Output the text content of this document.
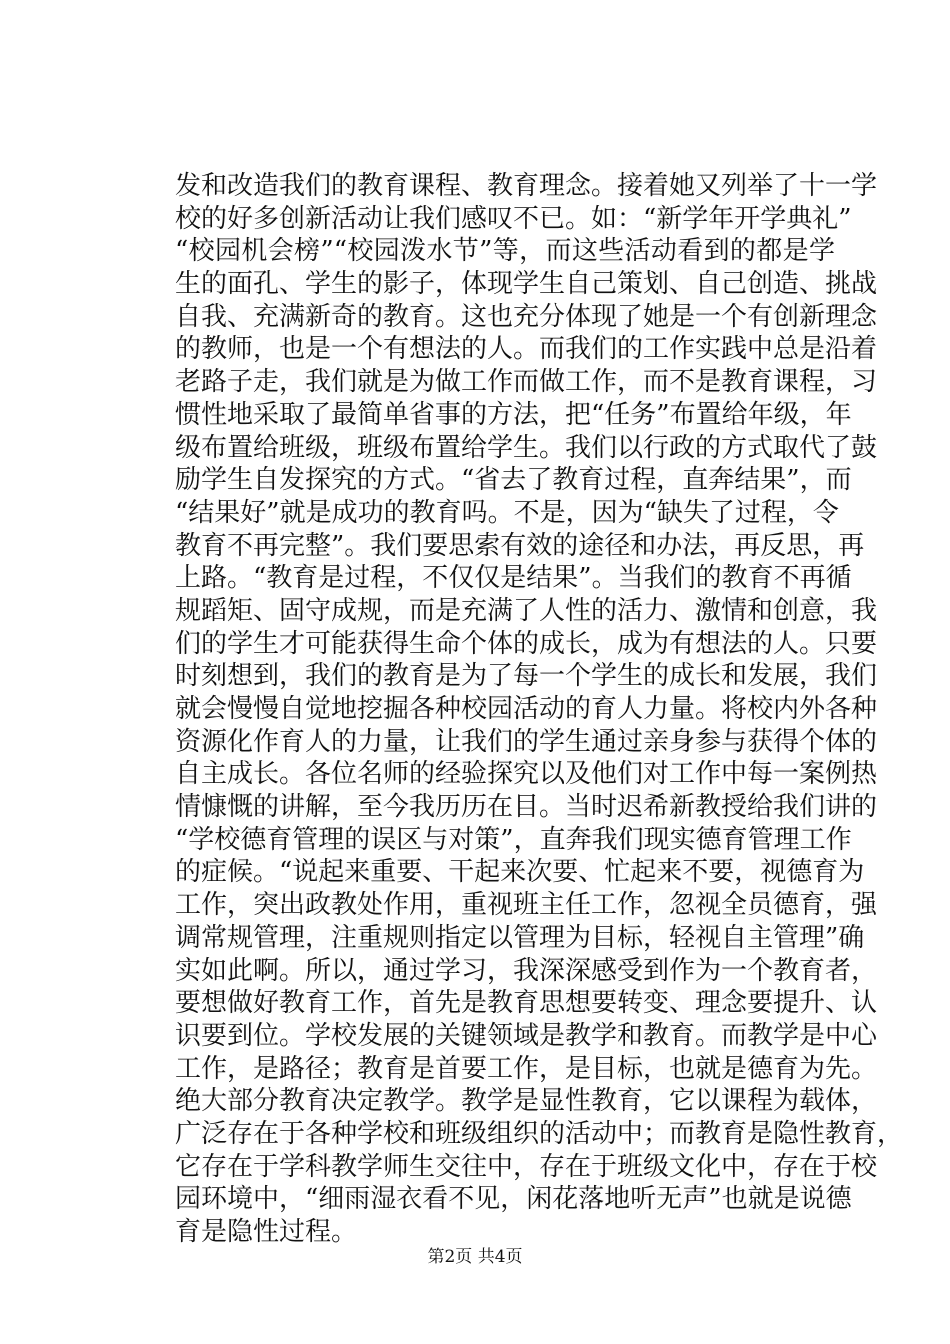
发和改造我们的教育课程、教育理念。接着她又列举了十一学
校的好多创新活动让我们感叹不已。如：“新学年开学典礼”
“校园机会榜”“校园泼水节”等，而这些活动看到的都是学
生的面孔、学生的影子，体现学生自己策划、自己创造、挑战
自我、充满新奇的教育。这也充分体现了她是一个有创新理念
的教师，也是一个有想法的人。而我们的工作实践中总是沿着
老路子走，我们就是为做工作而做工作，而不是教育课程，习
惯性地采取了最简单省事的方法，把“任务”布置给年级，年
级布置给班级，班级布置给学生。我们以行政的方式取代了鼓
励学生自发探究的方式。“省去了教育过程，直奔结果”，而
“结果好”就是成功的教育吗。不是，因为“缺失了过程，令
教育不再完整”。我们要思索有效的途径和办法，再反思，再
上路。“教育是过程，不仅仅是结果”。当我们的教育不再循
规蹈矩、固守成规，而是充满了人性的活力、激情和创意，我
们的学生才可能获得生命个体的成长，成为有想法的人。只要
时刻想到，我们的教育是为了每一个学生的成长和发展，我们
就会慢慢自觉地挖掘各种校园活动的育人力量。将校内外各种
资源化作育人的力量，让我们的学生通过亲身参与获得个体的
自主成长。各位名师的经验探究以及他们对工作中每一案例热
情慷慨的讲解，至今我历历在目。当时迟希新教授给我们讲的
“学校德育管理的误区与对策”，直奔我们现实德育管理工作
的症候。“说起来重要、干起来次要、忙起来不要，视德育为
工作，突出政教处作用，重视班主任工作，忽视全员德育，强
调常规管理，注重规则指定以管理为目标，轻视自主管理”确
实如此啊。所以，通过学习，我深深感受到作为一个教育者，
要想做好教育工作，首先是教育思想要转变、理念要提升、认
识要到位。学校发展的关键领域是教学和教育。而教学是中心
工作，是路径；教育是首要工作，是目标，也就是德育为先。
绝大部分教育决定教学。教学是显性教育，它以课程为载体，
广泛存在于各种学校和班级组织的活动中；而教育是隐性教育，
它存在于学科教学师生交往中，存在于班级文化中，存在于校
园环境中，“细雨湿衣看不见，闲花落地听无声”也就是说德
育是隐性过程。
第2页 共4页
